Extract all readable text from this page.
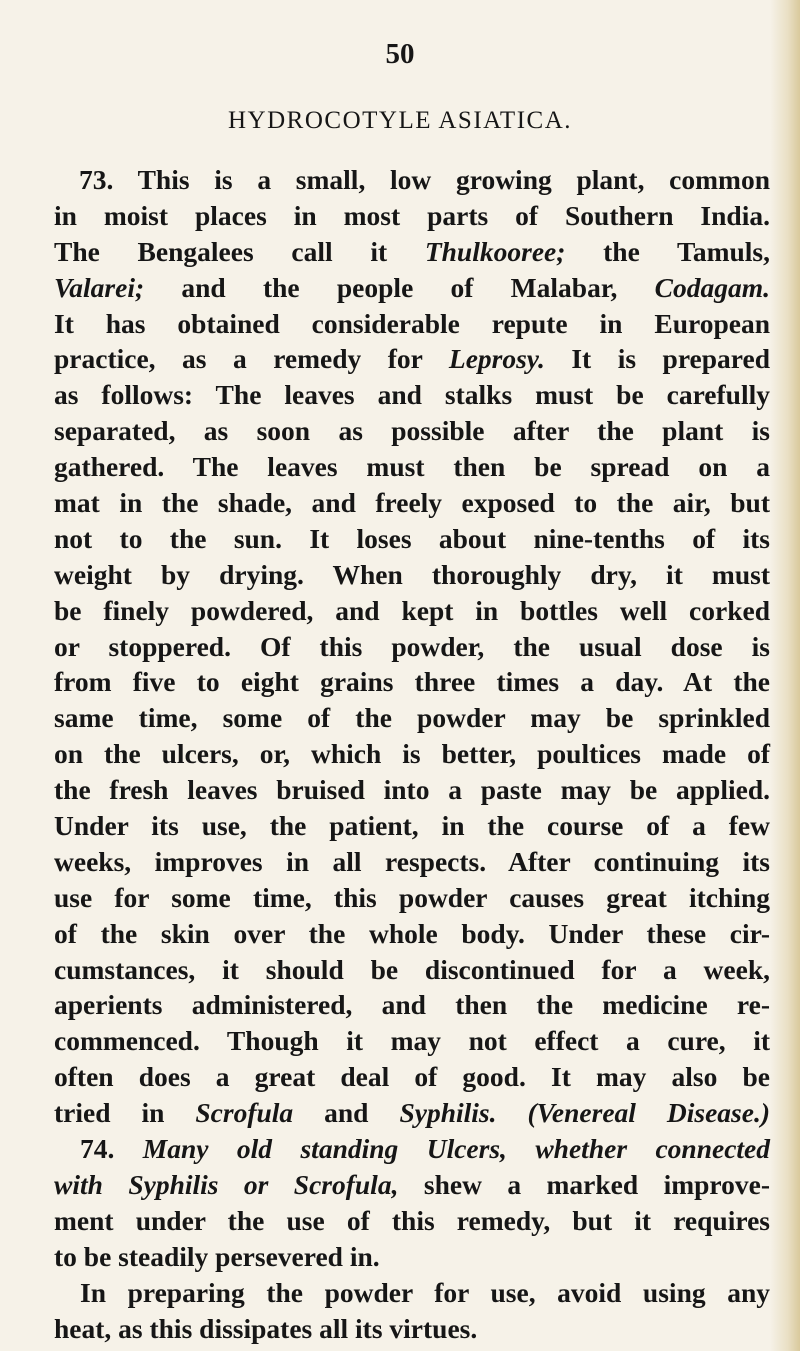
50
HYDROCOTYLE ASIATICA.
73. This is a small, low growing plant, common
in moist places in most parts of Southern India.
The Bengalees call it Thulkooree; the Tamuls,
Valarei; and the people of Malabar, Codagam.
It has obtained considerable repute in European
practice, as a remedy for Leprosy. It is prepared
as follows: The leaves and stalks must be carefully
separated, as soon as possible after the plant is
gathered. The leaves must then be spread on a
mat in the shade, and freely exposed to the air, but
not to the sun. It loses about nine-tenths of its
weight by drying. When thoroughly dry, it must
be finely powdered, and kept in bottles well corked
or stoppered. Of this powder, the usual dose is
from five to eight grains three times a day. At the
same time, some of the powder may be sprinkled
on the ulcers, or, which is better, poultices made of
the fresh leaves bruised into a paste may be applied.
Under its use, the patient, in the course of a few
weeks, improves in all respects. After continuing its
use for some time, this powder causes great itching
of the skin over the whole body. Under these cir-
cumstances, it should be discontinued for a week,
aperients administered, and then the medicine re-
commenced. Though it may not effect a cure, it
often does a great deal of good. It may also be
tried in Scrofula and Syphilis. (Venereal Disease.)
74. Many old standing Ulcers, whether connected
with Syphilis or Scrofula, shew a marked improve-
ment under the use of this remedy, but it requires
to be steadily persevered in.
In preparing the powder for use, avoid using any
heat, as this dissipates all its virtues.
